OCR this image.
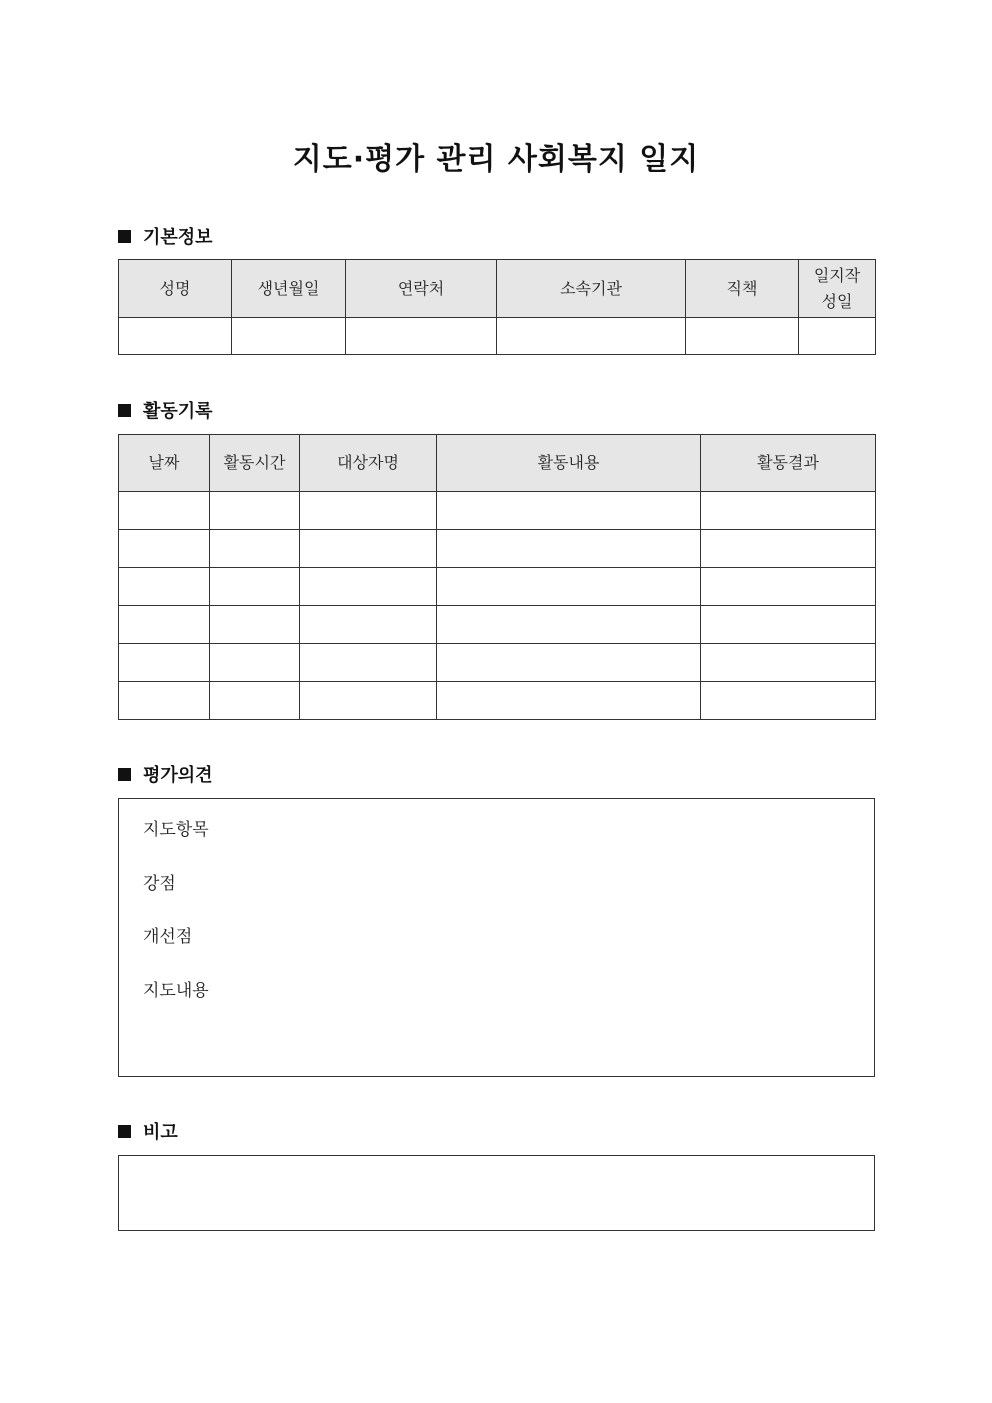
지도·평가 관리 사회복지 일지
기본정보
성명	생년월일	연락처	소속기관	직책	일지작
성일

활동기록
날짜	활동시간	대상자명	활동내용	활동결과

평가의견
지도항목
강점
개선점
지도내용
비고
